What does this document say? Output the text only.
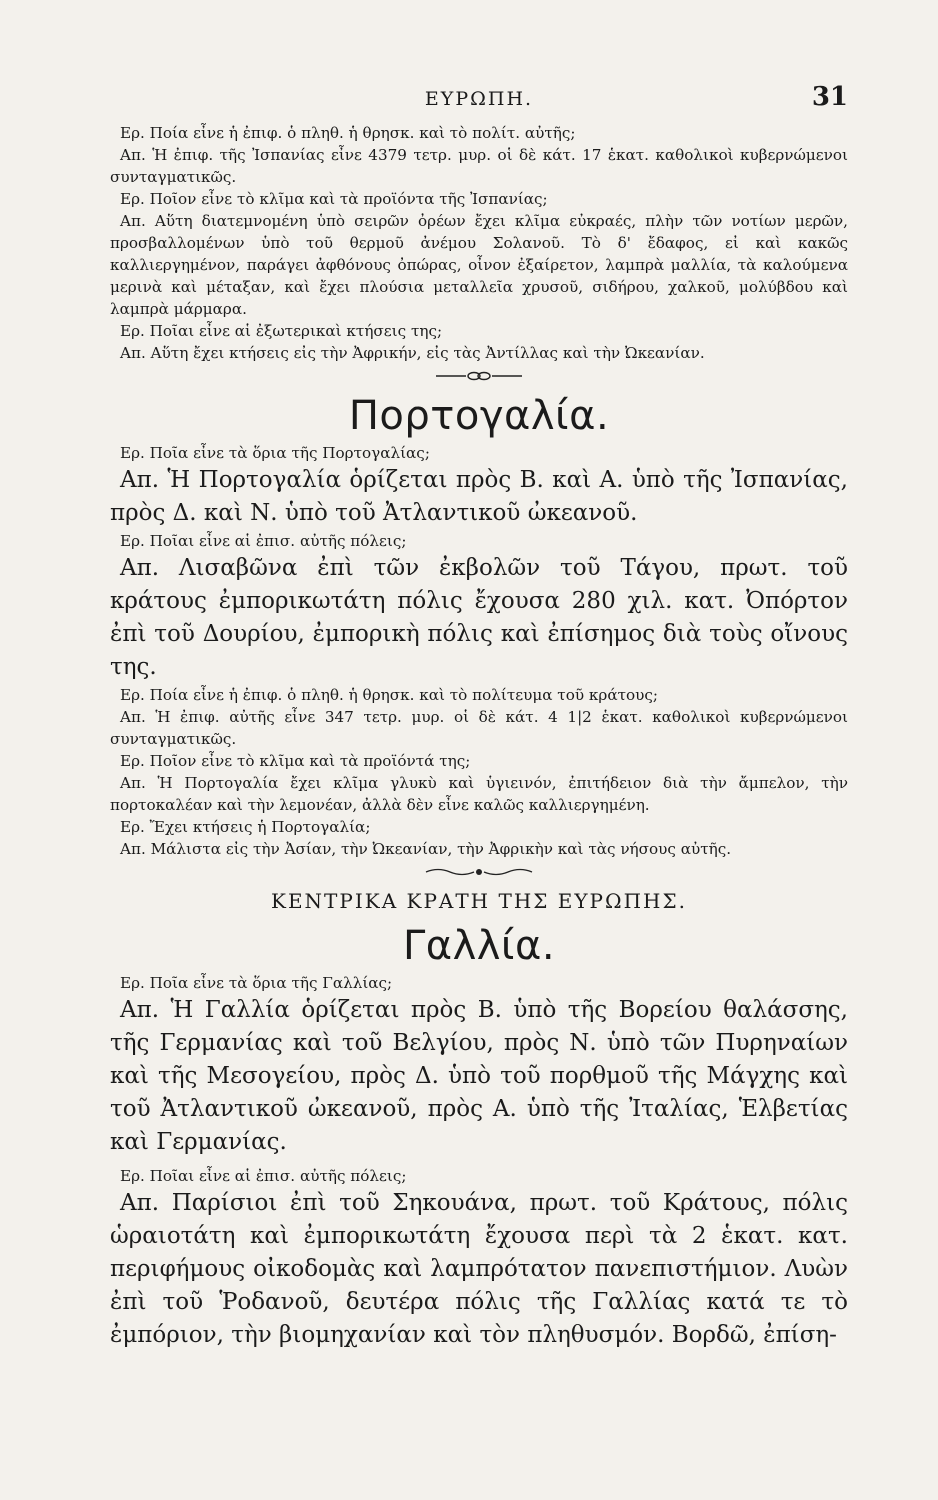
ΕΥΡΩΠΗ.	31

Ερ. Ποία εἶνε ἡ ἐπιφ. ὁ πληθ. ἡ θρησκ. καὶ τὸ πολίτ. αὐτῆς;

Απ. Ἡ ἐπιφ. τῆς Ἰσπανίας εἶνε 4379 τετρ. μυρ. οἱ δὲ κάτ. 17 ἑκατ. καθολικοὶ κυβερνώμενοι συνταγματικῶς.

Ερ. Ποῖον εἶνε τὸ κλῖμα καὶ τὰ προϊόντα τῆς Ἰσπανίας;

Απ. Αὕτη διατεμνομένη ὑπὸ σειρῶν ὀρέων ἔχει κλῖμα εὐκραές, πλὴν τῶν νοτίων μερῶν, προσβαλλομένων ὑπὸ τοῦ θερμοῦ ἀνέμου Σολανοῦ. Τὸ δ' ἔδαφος, εἰ καὶ κακῶς καλλιεργημένον, παράγει ἀφθόνους ὀπώρας, οἶνον ἐξαίρετον, λαμπρὰ μαλλία, τὰ καλούμενα μερινὰ καὶ μέταξαν, καὶ ἔχει πλούσια μεταλλεῖα χρυσοῦ, σιδήρου, χαλκοῦ, μολύβδου καὶ λαμπρὰ μάρμαρα.

Ερ. Ποῖαι εἶνε αἱ ἐξωτερικαὶ κτήσεις της;

Απ. Αὕτη ἔχει κτήσεις εἰς τὴν Ἀφρικήν, εἰς τὰς Ἀντίλλας καὶ τὴν Ὠκεανίαν.

Πορτογαλία.

Ερ. Ποῖα εἶνε τὰ ὅρια τῆς Πορτογαλίας;

Απ. Ἡ Πορτογαλία ὁρίζεται πρὸς Β. καὶ Α. ὑπὸ τῆς Ἰσπανίας, πρὸς Δ. καὶ Ν. ὑπὸ τοῦ Ἀτλαντικοῦ ὠκεανοῦ.

Ερ. Ποῖαι εἶνε αἱ ἐπισ. αὐτῆς πόλεις;

Απ. Λισαβῶνα ἐπὶ τῶν ἐκβολῶν τοῦ Τάγου, πρωτ. τοῦ κράτους ἐμπορικωτάτη πόλις ἔχουσα 280 χιλ. κατ. Ὀπόρτον ἐπὶ τοῦ Δουρίου, ἐμπορικὴ πόλις καὶ ἐπίσημος διὰ τοὺς οἴνους της.

Ερ. Ποία εἶνε ἡ ἐπιφ. ὁ πληθ. ἡ θρησκ. καὶ τὸ πολίτευμα τοῦ κράτους;

Απ. Ἡ ἐπιφ. αὐτῆς εἶνε 347 τετρ. μυρ. οἱ δὲ κάτ. 4 1|2 ἑκατ. καθολικοὶ κυβερνώμενοι συνταγματικῶς.

Ερ. Ποῖον εἶνε τὸ κλῖμα καὶ τὰ προϊόντά της;

Απ. Ἡ Πορτογαλία ἔχει κλῖμα γλυκὺ καὶ ὑγιεινόν, ἐπιτήδειον διὰ τὴν ἄμπελον, τὴν πορτοκαλέαν καὶ τὴν λεμονέαν, ἀλλὰ δὲν εἶνε καλῶς καλλιεργημένη.

Ερ. Ἔχει κτήσεις ἡ Πορτογαλία;

Απ. Μάλιστα εἰς τὴν Ἀσίαν, τὴν Ὠκεανίαν, τὴν Ἀφρικὴν καὶ τὰς νήσους αὐτῆς.

ΚΕΝΤΡΙΚΑ ΚΡΑΤΗ ΤΗΣ ΕΥΡΩΠΗΣ.
Γαλλία.

Ερ. Ποῖα εἶνε τὰ ὅρια τῆς Γαλλίας;

Απ. Ἡ Γαλλία ὁρίζεται πρὸς Β. ὑπὸ τῆς Βορείου θαλάσσης, τῆς Γερμανίας καὶ τοῦ Βελγίου, πρὸς Ν. ὑπὸ τῶν Πυρηναίων καὶ τῆς Μεσογείου, πρὸς Δ. ὑπὸ τοῦ πορθμοῦ τῆς Μάγχης καὶ τοῦ Ἀτλαντικοῦ ὠκεανοῦ, πρὸς Α. ὑπὸ τῆς Ἰταλίας, Ἑλβετίας καὶ Γερμανίας.

Ερ. Ποῖαι εἶνε αἱ ἐπισ. αὐτῆς πόλεις;

Απ. Παρίσιοι ἐπὶ τοῦ Σηκουάνα, πρωτ. τοῦ Κράτους, πόλις ὡραιοτάτη καὶ ἐμπορικωτάτη ἔχουσα περὶ τὰ 2 ἑκατ. κατ. περιφήμους οἰκοδομὰς καὶ λαμπρότατον πανεπιστήμιον. Λυὼν ἐπὶ τοῦ Ῥοδανοῦ, δευτέρα πόλις τῆς Γαλλίας κατά τε τὸ ἐμπόριον, τὴν βιομηχανίαν καὶ τὸν πληθυσμόν. Βορδῶ, ἐπίση-
